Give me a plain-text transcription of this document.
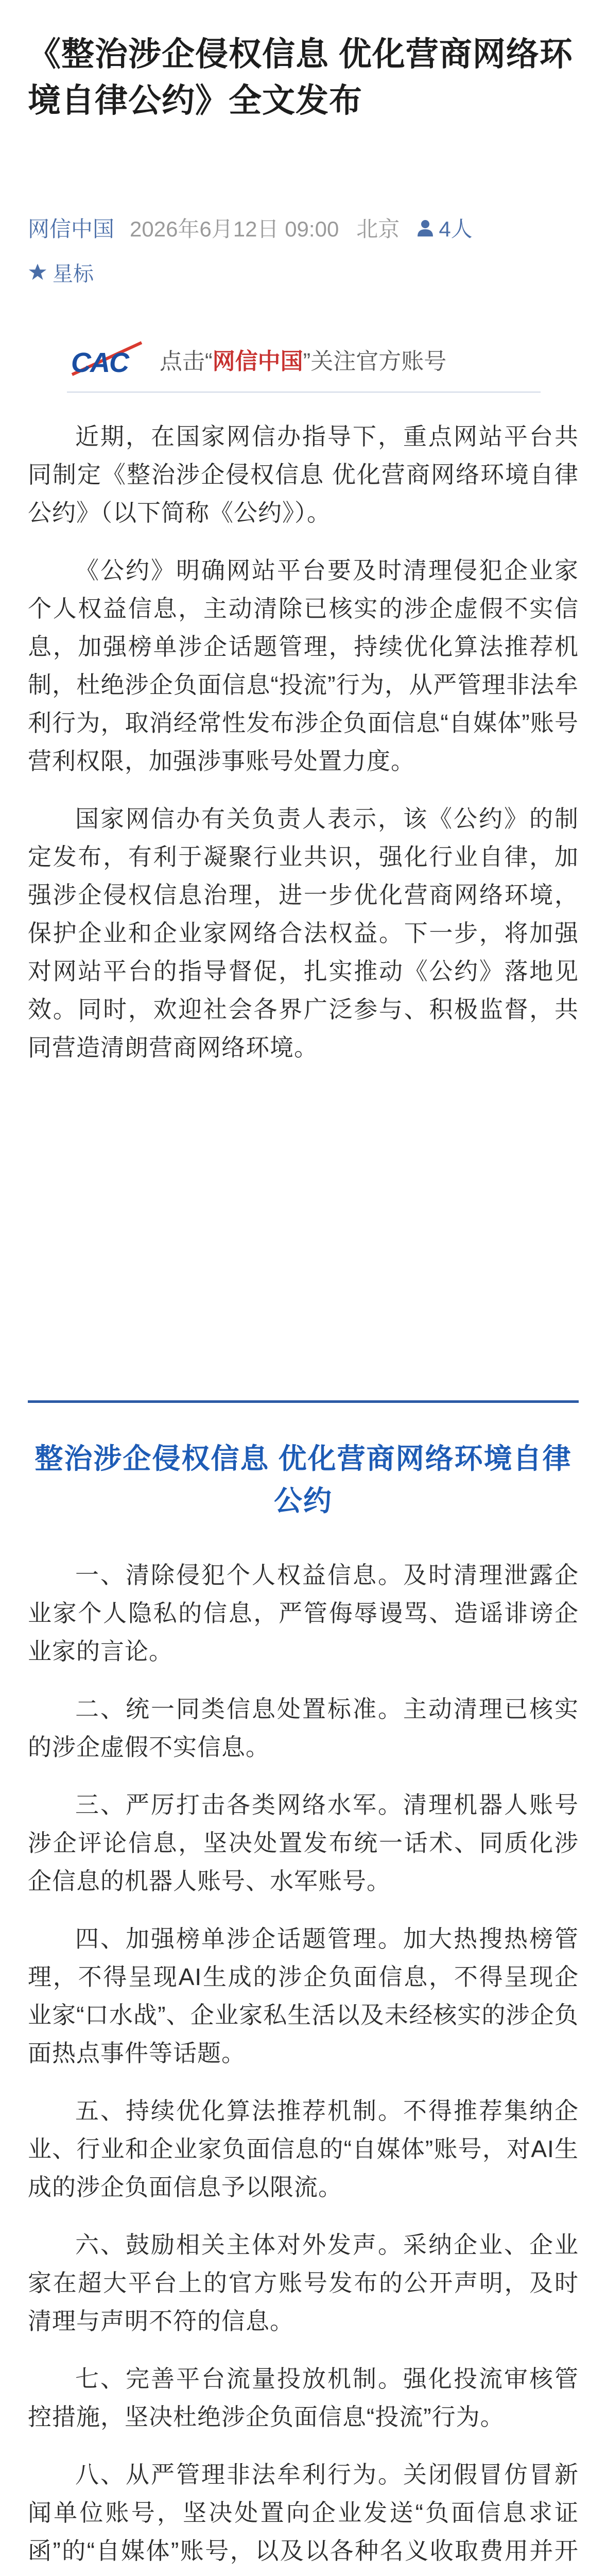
《整治涉企侵权信息 优化营商网络环境自律公约》全文发布
网信中国 2026年6月12日 09:00 北京 4人
星标
CAC 点击“网信中国”关注官方账号

近期，在国家网信办指导下，重点网站平台共同制定《整治涉企侵权信息 优化营商网络环境自律公约》（以下简称《公约》）。

《公约》明确网站平台要及时清理侵犯企业家个人权益信息，主动清除已核实的涉企虚假不实信息，加强榜单涉企话题管理，持续优化算法推荐机制，杜绝涉企负面信息“投流”行为，从严管理非法牟利行为，取消经常性发布涉企负面信息“自媒体”账号营利权限，加强涉事账号处置力度。

国家网信办有关负责人表示，该《公约》的制定发布，有利于凝聚行业共识，强化行业自律，加强涉企侵权信息治理，进一步优化营商网络环境，保护企业和企业家网络合法权益。下一步，将加强对网站平台的指导督促，扎实推动《公约》落地见效。同时，欢迎社会各界广泛参与、积极监督，共同营造清朗营商网络环境。

整治涉企侵权信息 优化营商网络环境自律公约

一、清除侵犯个人权益信息。及时清理泄露企业家个人隐私的信息，严管侮辱谩骂、造谣诽谤企业家的言论。

二、统一同类信息处置标准。主动清理已核实的涉企虚假不实信息。

三、严厉打击各类网络水军。清理机器人账号涉企评论信息，坚决处置发布统一话术、同质化涉企信息的机器人账号、水军账号。

四、加强榜单涉企话题管理。加大热搜热榜管理，不得呈现AI生成的涉企负面信息，不得呈现企业家“口水战”、企业家私生活以及未经核实的涉企负面热点事件等话题。

五、持续优化算法推荐机制。不得推荐集纳企业、行业和企业家负面信息的“自媒体”账号，对AI生成的涉企负面信息予以限流。

六、鼓励相关主体对外发声。采纳企业、企业家在超大平台上的官方账号发布的公开声明，及时清理与声明不符的信息。

七、完善平台流量投放机制。强化投流审核管控措施，坚决杜绝涉企负面信息“投流”行为。

八、从严管理非法牟利行为。关闭假冒仿冒新闻单位账号，坚决处置向企业发送“负面信息求证函”的“自媒体”账号，以及以各种名义收取费用并开
